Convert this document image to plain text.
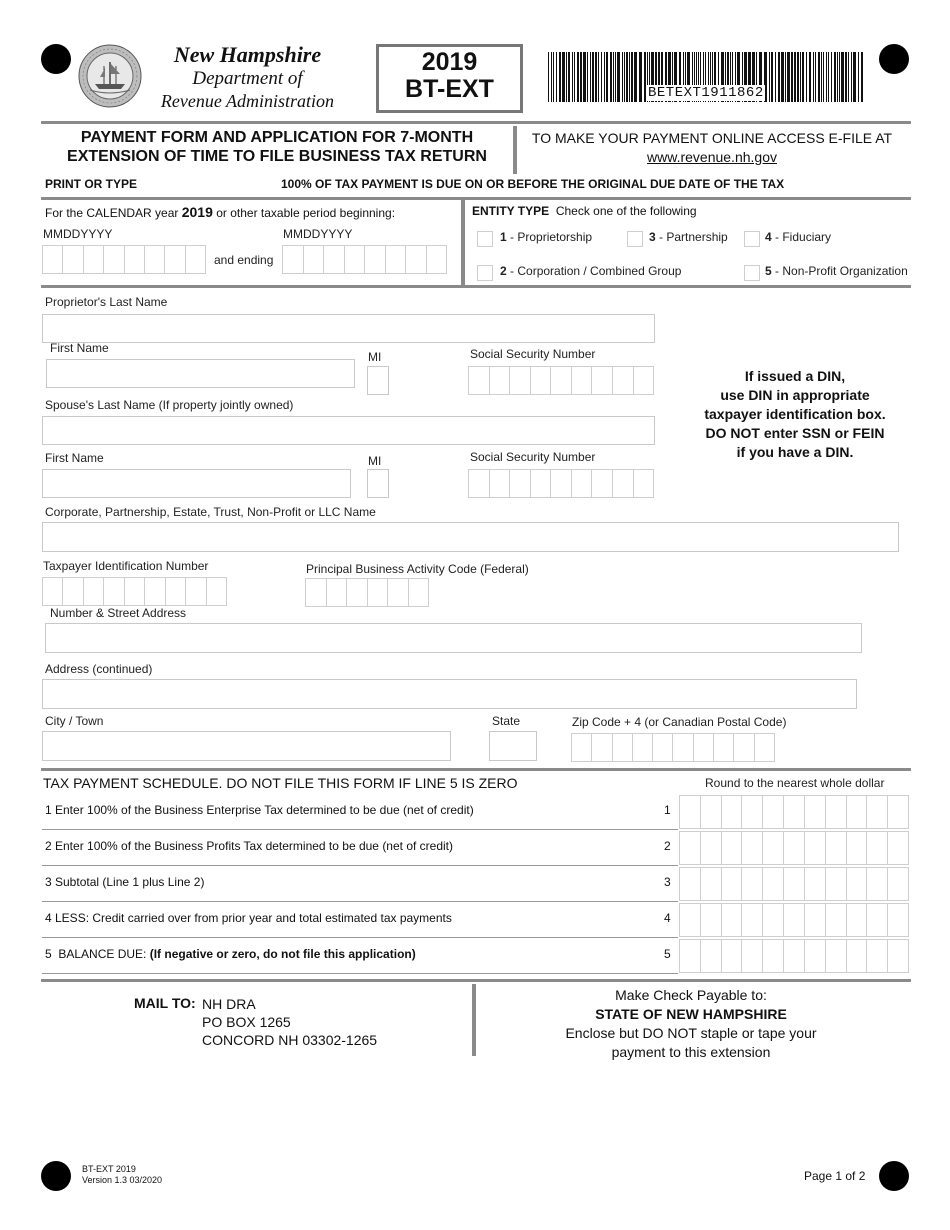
New Hampshire
Department of
Revenue Administration
2019
BT-EXT	BETEXT1911862
PAYMENT FORM AND APPLICATION FOR 7-MONTH
EXTENSION OF TIME TO FILE BUSINESS TAX RETURN
TO MAKE YOUR PAYMENT ONLINE ACCESS E-FILE AT
www.revenue.nh.gov
PRINT OR TYPE	100% OF TAX PAYMENT IS DUE ON OR BEFORE THE ORIGINAL DUE DATE OF THE TAX
For the CALENDAR year 2019 or other taxable period beginning:
MMDDYYYY	MMDDYYYY
and ending
ENTITY TYPE Check one of the following
1 - Proprietorship	3 - Partnership	4 - Fiduciary
2 - Corporation / Combined Group	5 - Non-Profit Organization
Proprietor's Last Name
First Name
MI	Social Security Number
Spouse's Last Name (If property jointly owned)
First Name	MI	Social Security Number
If issued a DIN,
use DIN in appropriate
taxpayer identification box.
DO NOT enter SSN or FEIN
if you have a DIN.
Corporate, Partnership, Estate, Trust, Non-Profit or LLC Name
Taxpayer Identification Number	Principal Business Activity Code (Federal)
Number & Street Address
Address (continued)
City / Town	State	Zip Code + 4 (or Canadian Postal Code)
TAX PAYMENT SCHEDULE. DO NOT FILE THIS FORM IF LINE 5 IS ZERO	Round to the nearest whole dollar
1 Enter 100% of the Business Enterprise Tax determined to be due (net of credit)	1
2 Enter 100% of the Business Profits Tax determined to be due (net of credit)	2
3 Subtotal (Line 1 plus Line 2)	3
4 LESS: Credit carried over from prior year and total estimated tax payments	4
5  BALANCE DUE: (If negative or zero, do not file this application)	5
MAIL TO: NH DRA
PO BOX 1265
CONCORD NH 03302-1265
Make Check Payable to:
STATE OF NEW HAMPSHIRE
Enclose but DO NOT staple or tape your
payment to this extension
BT-EXT 2019
Version 1.3 03/2020	Page 1 of 2
